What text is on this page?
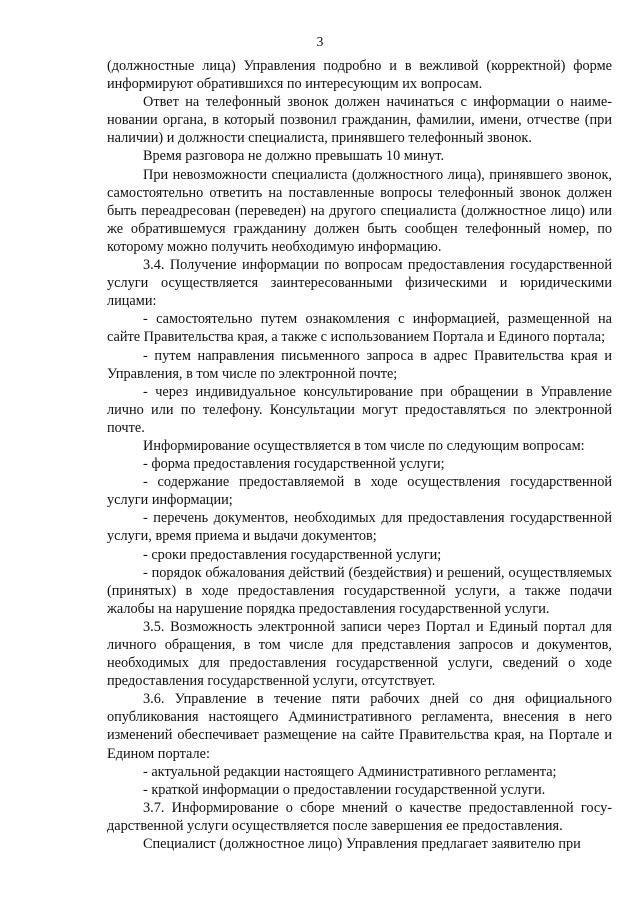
3

(должностные лица) Управления подробно и в вежливой (корректной) форме информируют обратившихся по интересующим их вопросам.

Ответ на телефонный звонок должен начинаться с информации о наименовании органа, в который позвонил гражданин, фамилии, имени, отчестве (при наличии) и должности специалиста, принявшего телефонный звонок.

Время разговора не должно превышать 10 минут.

При невозможности специалиста (должностного лица), принявшего звонок, самостоятельно ответить на поставленные вопросы телефонный звонок должен быть переадресован (переведен) на другого специалиста (должностное лицо) или же обратившемуся гражданину должен быть сообщен телефонный номер, по которому можно получить необходимую информацию.

3.4. Получение информации по вопросам предоставления государственной услуги осуществляется заинтересованными физическими и юридическими лицами:

- самостоятельно путем ознакомления с информацией, размещенной на сайте Правительства края, а также с использованием Портала и Единого портала;

- путем направления письменного запроса в адрес Правительства края и Управления, в том числе по электронной почте;

- через индивидуальное консультирование при обращении в Управление лично или по телефону. Консультации могут предоставляться по электронной почте.

Информирование осуществляется в том числе по следующим вопросам:

- форма предоставления государственной услуги;

- содержание предоставляемой в ходе осуществления государственной услуги информации;

- перечень документов, необходимых для предоставления государственной услуги, время приема и выдачи документов;

- сроки предоставления государственной услуги;

- порядок обжалования действий (бездействия) и решений, осуществляемых (принятых) в ходе предоставления государственной услуги, а также подачи жалобы на нарушение порядка предоставления государственной услуги.

3.5. Возможность электронной записи через Портал и Единый портал для личного обращения, в том числе для представления запросов и документов, необходимых для предоставления государственной услуги, сведений о ходе предоставления государственной услуги, отсутствует.

3.6. Управление в течение пяти рабочих дней со дня официального опубликования настоящего Административного регламента, внесения в него изменений обеспечивает размещение на сайте Правительства края, на Портале и Едином портале:

- актуальной редакции настоящего Административного регламента;

- краткой информации о предоставлении государственной услуги.

3.7. Информирование о сборе мнений о качестве предоставленной государственной услуги осуществляется после завершения ее предоставления.

Специалист (должностное лицо) Управления предлагает заявителю при
